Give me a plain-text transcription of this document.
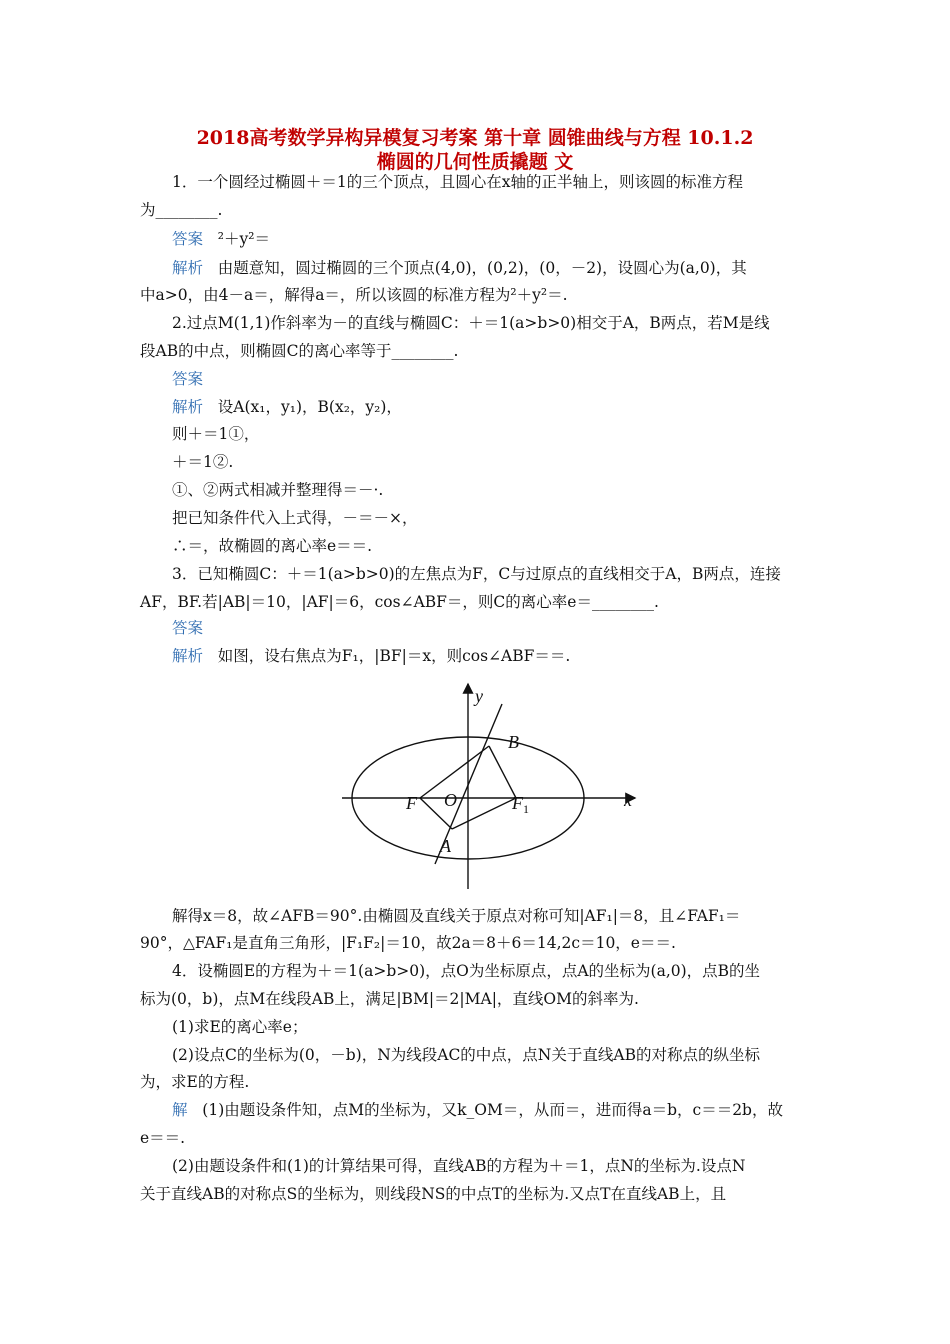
2018高考数学异构异模复习考案 第十章 圆锥曲线与方程 10.1.2
椭圆的几何性质撬题 文
1．一个圆经过椭圆＋＝1的三个顶点，且圆心在x轴的正半轴上，则该圆的标准方程
为________.
答案 ²＋y²＝
解析 由题意知，圆过椭圆的三个顶点(4,0)，(0,2)，(0，－2)，设圆心为(a,0)，其
中a>0，由4－a＝，解得a＝，所以该圆的标准方程为²＋y²＝.
2.过点M(1,1)作斜率为－的直线与椭圆C：＋＝1(a>b>0)相交于A，B两点，若M是线
段AB的中点，则椭圆C的离心率等于________.
答案
解析 设A(x₁，y₁)，B(x₂，y₂)，
则＋＝1①，
＋＝1②.
①、②两式相减并整理得＝－·.
把已知条件代入上式得，－＝－×，
∴＝，故椭圆的离心率e＝＝.
3．已知椭圆C：＋＝1(a>b>0)的左焦点为F，C与过原点的直线相交于A，B两点，连接
AF，BF.若|AB|＝10，|AF|＝6，cos∠ABF＝，则C的离心率e＝________.
答案
解析 如图，设右焦点为F₁，|BF|＝x，则cos∠ABF＝＝.
y
x
B
F O	$F_1$
A
解得x＝8，故∠AFB＝90°.由椭圆及直线关于原点对称可知|AF₁|＝8，且∠FAF₁＝
90°，△FAF₁是直角三角形，|F₁F₂|＝10，故2a＝8＋6＝14,2c＝10，e＝＝.
4．设椭圆E的方程为＋＝1(a>b>0)，点O为坐标原点，点A的坐标为(a,0)，点B的坐
标为(0，b)，点M在线段AB上，满足|BM|＝2|MA|，直线OM的斜率为.
(1)求E的离心率e；
(2)设点C的坐标为(0，－b)，N为线段AC的中点，点N关于直线AB的对称点的纵坐标
为，求E的方程.
解 (1)由题设条件知，点M的坐标为，又k_OM＝，从而＝，进而得a＝b，c＝＝2b，故
e＝＝.
(2)由题设条件和(1)的计算结果可得，直线AB的方程为＋＝1，点N的坐标为.设点N
关于直线AB的对称点S的坐标为，则线段NS的中点T的坐标为.又点T在直线AB上，且
